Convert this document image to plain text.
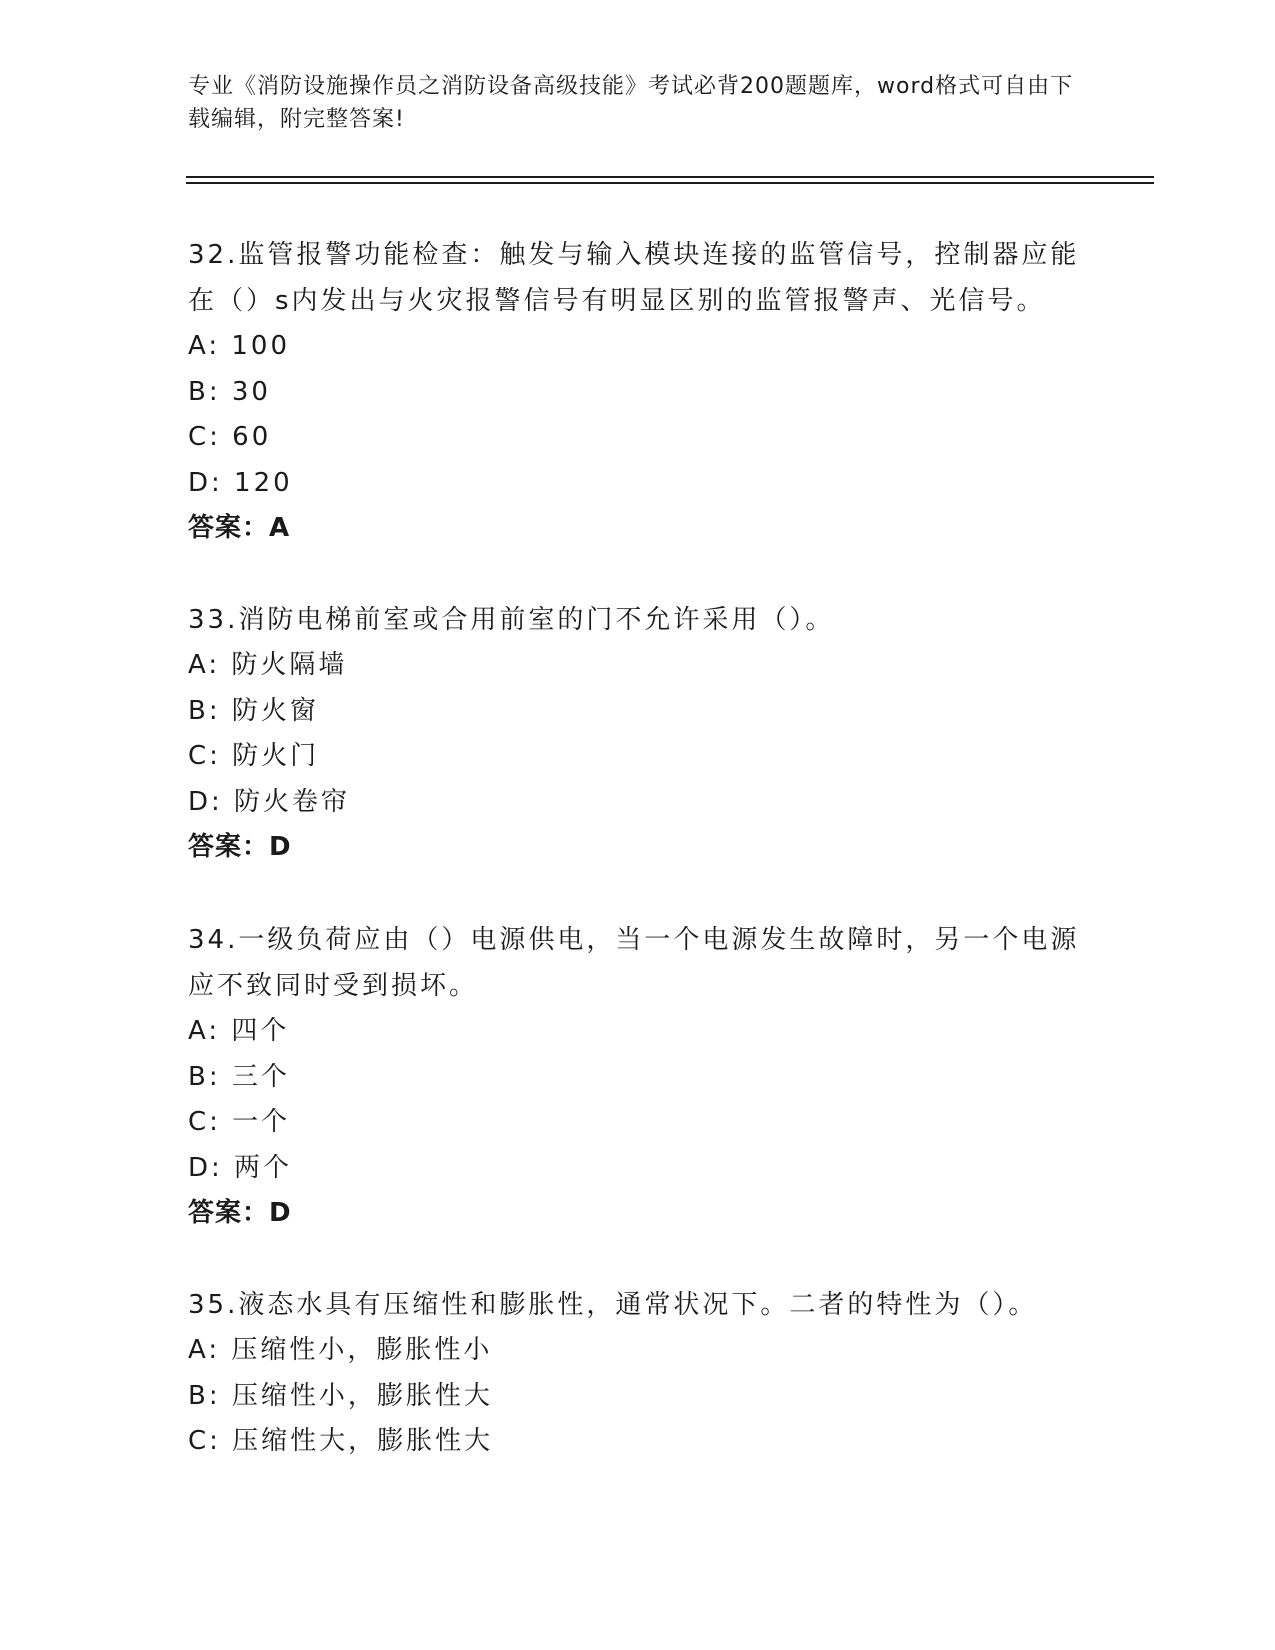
专业《消防设施操作员之消防设备高级技能》考试必背200题题库，word格式可自由下载编辑，附完整答案!
32.监管报警功能检查：触发与输入模块连接的监管信号，控制器应能在（）s内发出与火灾报警信号有明显区别的监管报警声、光信号。
A: 100
B: 30
C: 60
D: 120
答案：A
33.消防电梯前室或合用前室的门不允许采用（）。
A: 防火隔墙
B: 防火窗
C: 防火门
D: 防火卷帘
答案：D
34.一级负荷应由（）电源供电，当一个电源发生故障时，另一个电源应不致同时受到损坏。
A: 四个
B: 三个
C: 一个
D: 两个
答案：D
35.液态水具有压缩性和膨胀性，通常状况下。二者的特性为（）。
A: 压缩性小，膨胀性小
B: 压缩性小，膨胀性大
C: 压缩性大，膨胀性大
